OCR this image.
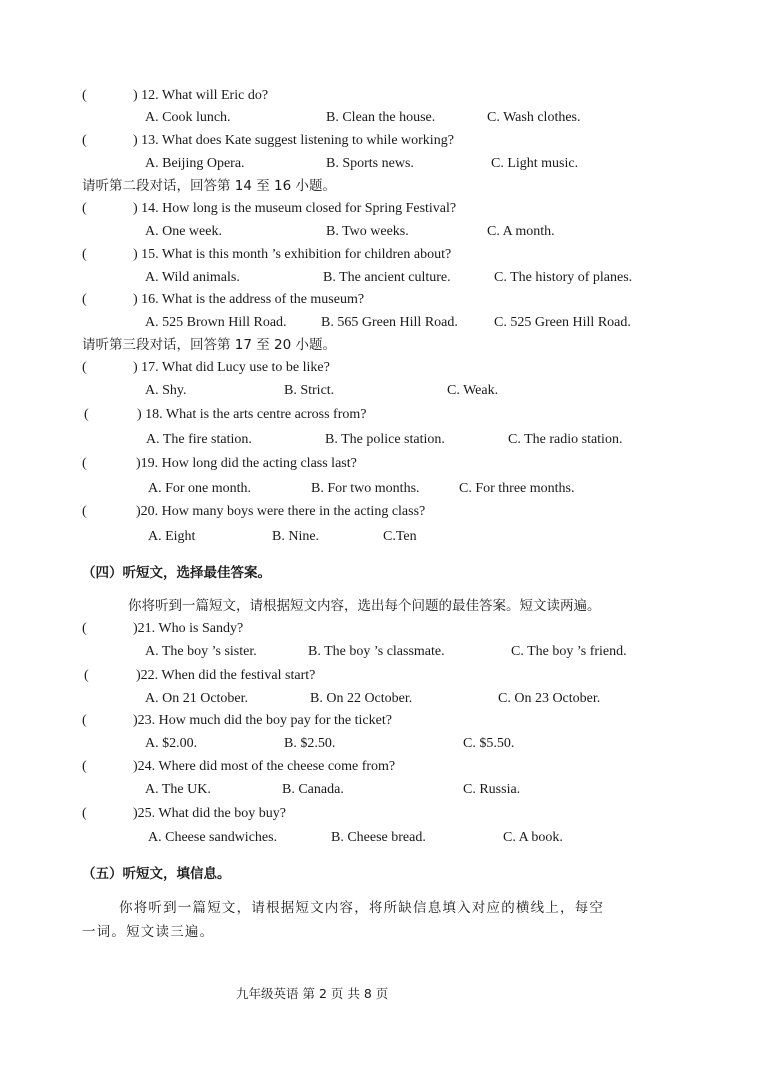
(	) 12. What will Eric do?
A. Cook lunch.	B. Clean the house.	C. Wash clothes.
(	) 13. What does Kate suggest listening to while working?
A. Beijing Opera.	B. Sports news.	C. Light music.
请听第二段对话，回答第 14 至 16 小题。
(	) 14. How long is the museum closed for Spring Festival?
A. One week.	B. Two weeks.	C. A month.
(	) 15. What is this month ’s exhibition for children about?
A. Wild animals.	B. The ancient culture.	C. The history of planes.
(	) 16. What is the address of the museum?
A. 525 Brown Hill Road. B. 565 Green Hill Road.	C. 525 Green Hill Road.
请听第三段对话，回答第 17 至 20 小题。
(	) 17. What did Lucy use to be like?
A. Shy.	B. Strict.	C. Weak.
(	) 18. What is the arts centre across from?
A. The fire station.	B. The police station.	C. The radio station.
(	)19. How long did the acting class last?
A. For one month.	B. For two months.	C. For three months.
(	)20. How many boys were there in the acting class?
A. Eight	B. Nine.	C.Ten
（四）听短文，选择最佳答案。
你将听到一篇短文，请根据短文内容，选出每个问题的最佳答案。短文读两遍。
(	)21. Who is Sandy?
A. The boy ’s sister.	B. The boy ’s classmate.	C. The boy ’s friend.
(	)22. When did the festival start?
A. On 21 October.	B. On 22 October.	C. On 23 October.
(	)23. How much did the boy pay for the ticket?
A. $2.00.	B. $2.50.	C. $5.50.
(	)24. Where did most of the cheese come from?
A. The UK.	B. Canada.	C. Russia.
(	)25. What did the boy buy?
A. Cheese sandwiches.	B. Cheese bread.	C. A book.
（五）听短文，填信息。
你将听到一篇短文，请根据短文内容，将所缺信息填入对应的横线上，每空
一词。短文读三遍。
九年级英语 第 2 页 共 8 页
